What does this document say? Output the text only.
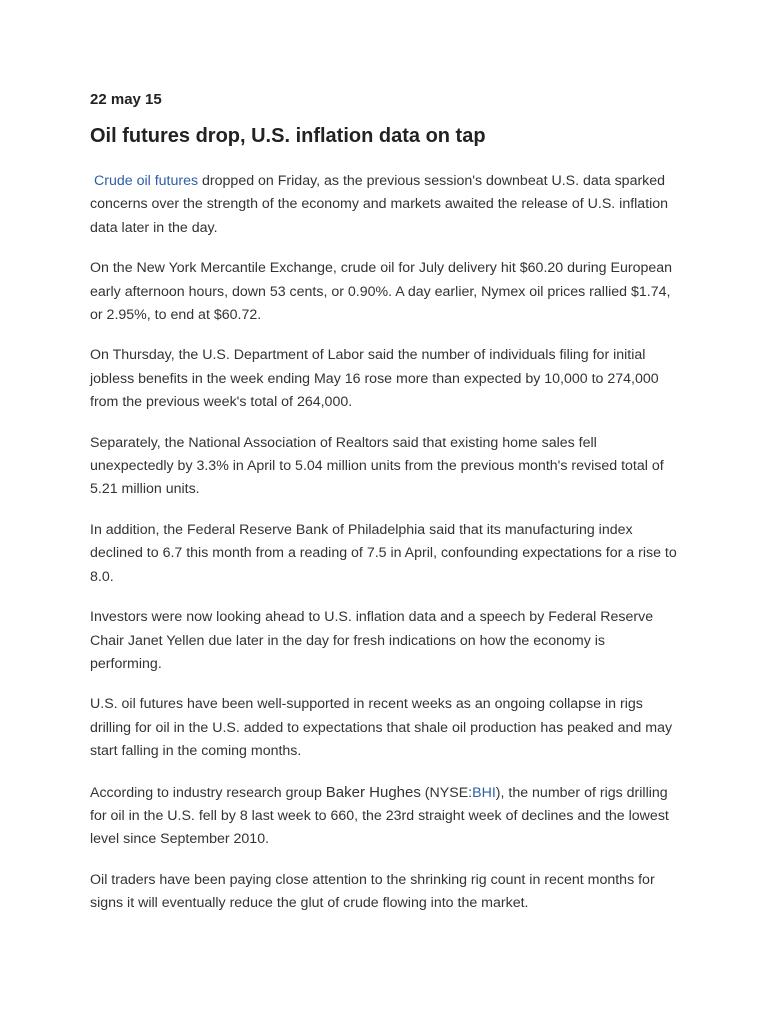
22 may 15
Oil futures drop, U.S. inflation data on tap

Crude oil futures dropped on Friday, as the previous session's downbeat U.S. data sparked concerns over the strength of the economy and markets awaited the release of U.S. inflation data later in the day.

On the New York Mercantile Exchange, crude oil for July delivery hit $60.20 during European early afternoon hours, down 53 cents, or 0.90%. A day earlier, Nymex oil prices rallied $1.74, or 2.95%, to end at $60.72.

On Thursday, the U.S. Department of Labor said the number of individuals filing for initial jobless benefits in the week ending May 16 rose more than expected by 10,000 to 274,000 from the previous week's total of 264,000.

Separately, the National Association of Realtors said that existing home sales fell unexpectedly by 3.3% in April to 5.04 million units from the previous month's revised total of 5.21 million units.

In addition, the Federal Reserve Bank of Philadelphia said that its manufacturing index declined to 6.7 this month from a reading of 7.5 in April, confounding expectations for a rise to 8.0.

Investors were now looking ahead to U.S. inflation data and a speech by Federal Reserve Chair Janet Yellen due later in the day for fresh indications on how the economy is performing.

U.S. oil futures have been well-supported in recent weeks as an ongoing collapse in rigs drilling for oil in the U.S. added to expectations that shale oil production has peaked and may start falling in the coming months.

According to industry research group Baker Hughes (NYSE:BHI), the number of rigs drilling for oil in the U.S. fell by 8 last week to 660, the 23rd straight week of declines and the lowest level since September 2010.

Oil traders have been paying close attention to the shrinking rig count in recent months for signs it will eventually reduce the glut of crude flowing into the market.
